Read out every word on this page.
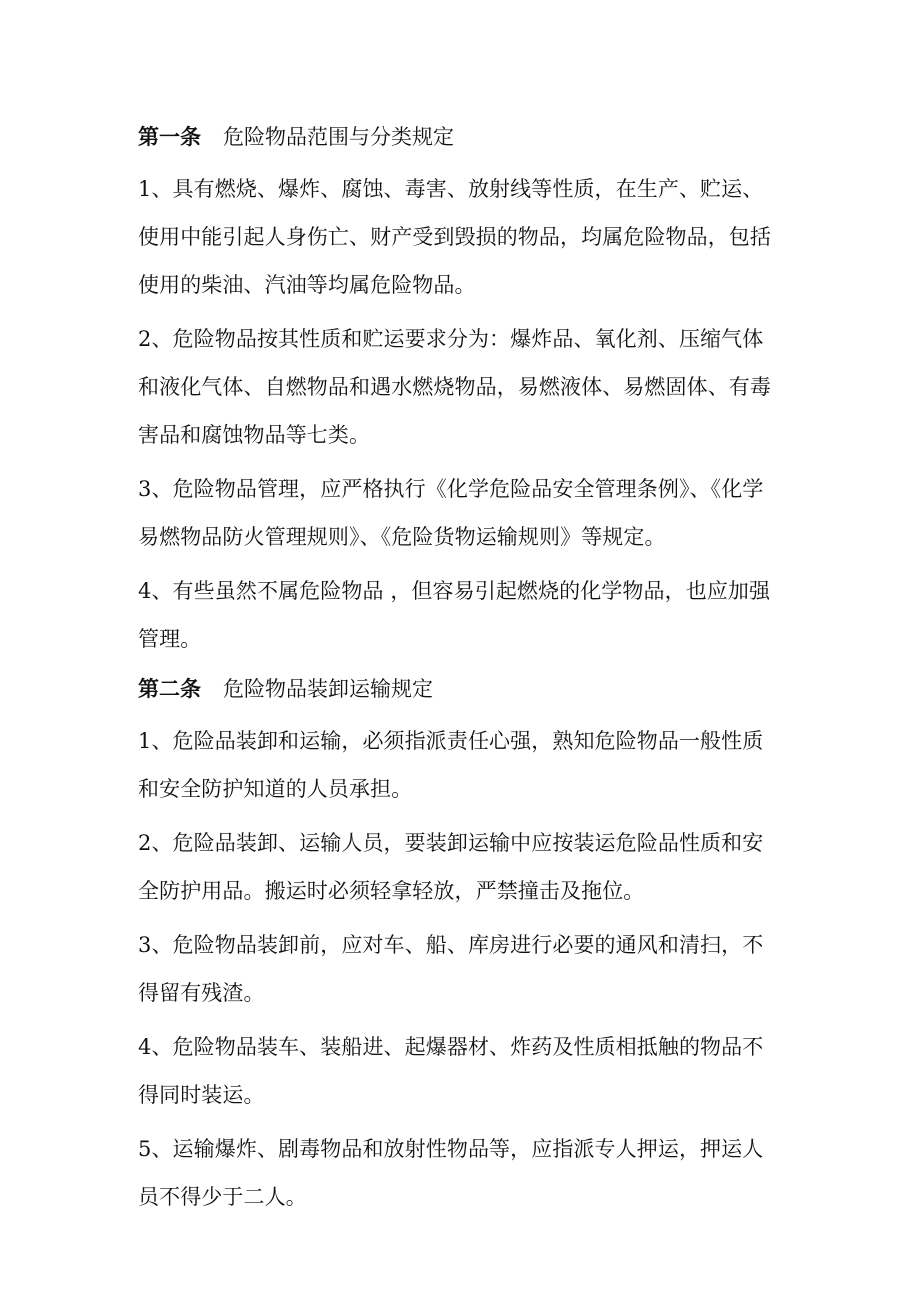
第一条 危险物品范围与分类规定
1、具有燃烧、爆炸、腐蚀、毒害、放射线等性质，在生产、贮运、
使用中能引起人身伤亡、财产受到毁损的物品，均属危险物品，包括
使用的柴油、汽油等均属危险物品。
2、危险物品按其性质和贮运要求分为：爆炸品、氧化剂、压缩气体
和液化气体、自燃物品和遇水燃烧物品，易燃液体、易燃固体、有毒
害品和腐蚀物品等七类。
3、危险物品管理，应严格执行《化学危险品安全管理条例》、《化学
易燃物品防火管理规则》、《危险货物运输规则》等规定。
4、有些虽然不属危险物品 ，但容易引起燃烧的化学物品，也应加强
管理。
第二条 危险物品装卸运输规定
1、危险品装卸和运输，必须指派责任心强，熟知危险物品一般性质
和安全防护知道的人员承担。
2、危险品装卸、运输人员，要装卸运输中应按装运危险品性质和安
全防护用品。搬运时必须轻拿轻放，严禁撞击及拖位。
3、危险物品装卸前，应对车、船、库房进行必要的通风和清扫，不
得留有残渣。
4、危险物品装车、装船进、起爆器材、炸药及性质相抵触的物品不
得同时装运。
5、运输爆炸、剧毒物品和放射性物品等，应指派专人押运，押运人
员不得少于二人。
